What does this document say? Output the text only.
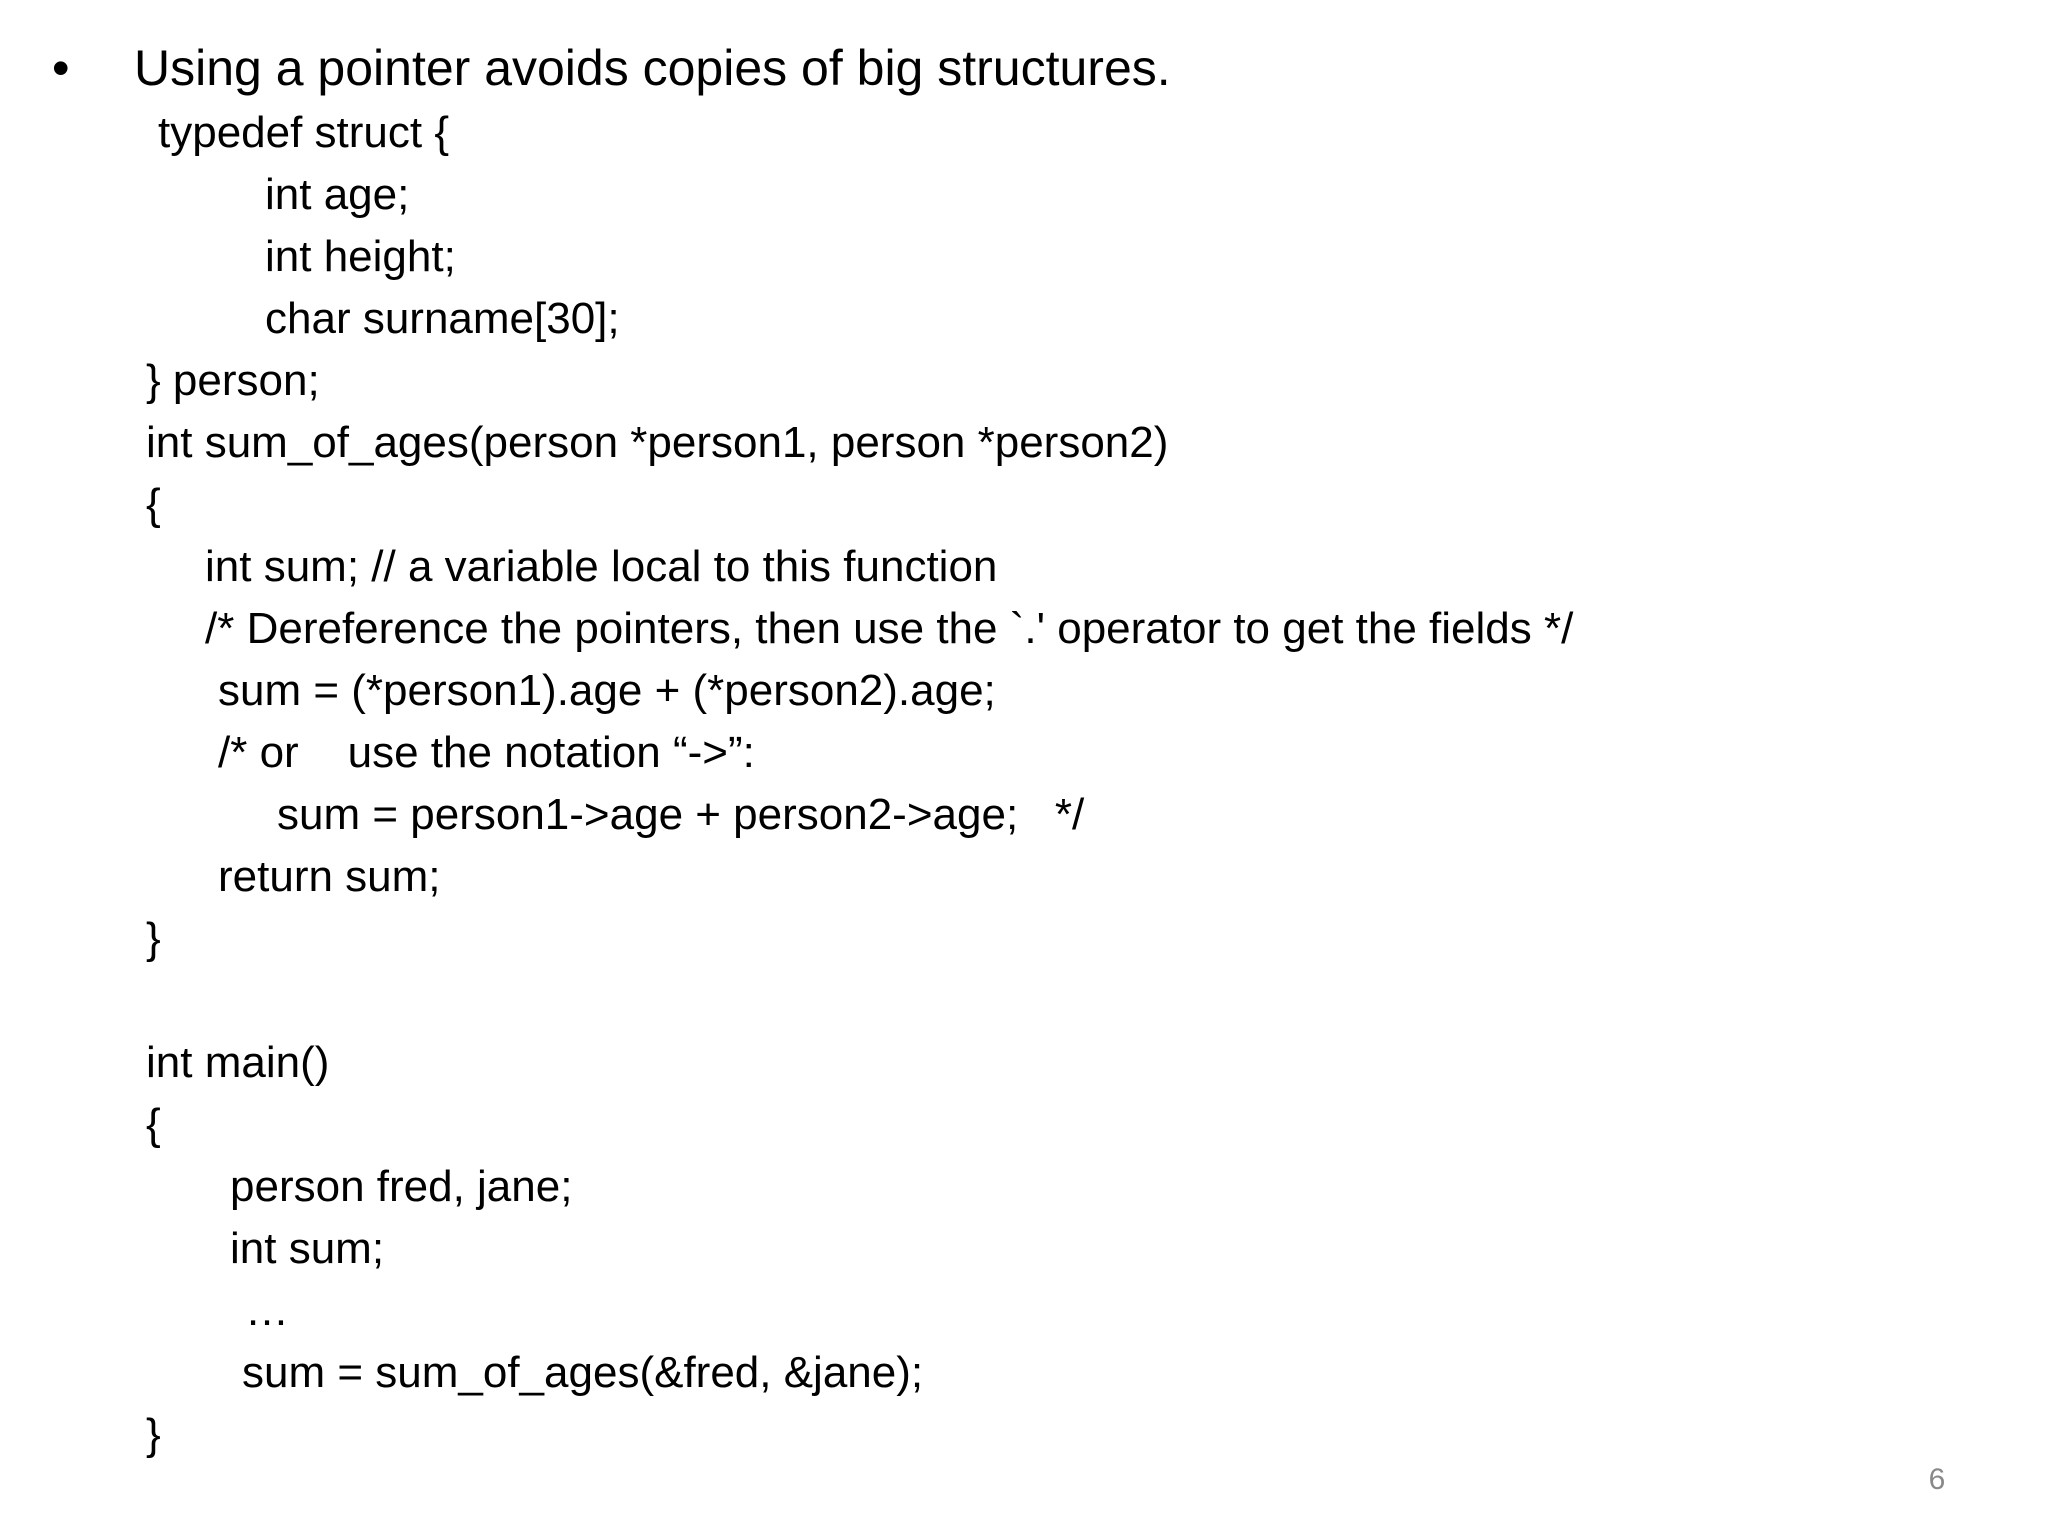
• Using a pointer avoids copies of big structures.
typedef struct {
int age;
int height;
char surname[30];
} person;
int sum_of_ages(person *person1, person *person2)
{
int sum; // a variable local to this function
/* Dereference the pointers, then use the `.' operator to get the fields */
sum = (*person1).age + (*person2).age;
/* or    use the notation “->”:
sum = person1->age + person2->age;   */
return sum;
}
int main()
{
person fred, jane;
int sum;
…
sum = sum_of_ages(&fred, &jane);
}
6
